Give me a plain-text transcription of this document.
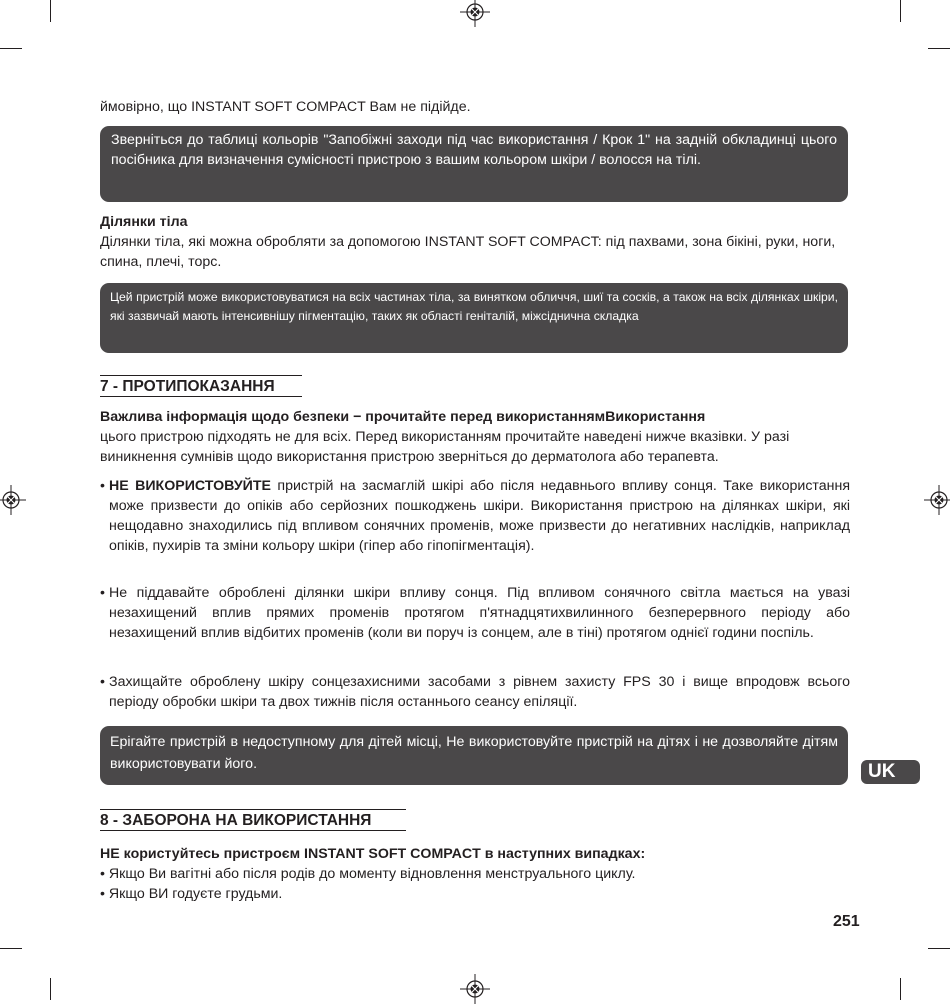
ймовірно, що INSTANT SOFT COMPACT Вам не підійде.
Зверніться до таблиці кольорів "Запобіжні заходи під час використання / Крок 1" на задній обкладинці цього посібника для визначення сумісності пристрою з вашим кольором шкіри / волосся на тілі.
Ділянки тіла
Ділянки тіла, які можна обробляти за допомогою INSTANT SOFT COMPACT: під пахвами, зона бікіні, руки, ноги, спина, плечі, торс.
Цей пристрій може використовуватися на всіх частинах тіла, за винятком обличчя, шиї та сосків, а також на всіх ділянках шкіри, які зазвичай мають інтенсивнішу пігментацію, таких як області геніталій, міжсіднична складка
7 - ПРОТИПОКАЗАННЯ
Важлива інформація щодо безпеки − прочитайте перед використаннямВикористання
цього пристрою підходять не для всіх. Перед використанням прочитайте наведені нижче вказівки. У разі виникнення сумнівів щодо використання пристрою зверніться до дерматолога або терапевта.
• НЕ ВИКОРИСТОВУЙТЕ пристрій на засмаглій шкірі або після недавнього впливу сонця. Таке використання може призвести до опіків або серйозних пошкоджень шкіри. Використання пристрою на ділянках шкіри, які нещодавно знаходились під впливом сонячних променів, може призвести до негативних наслідків, наприклад опіків, пухирів та зміни кольору шкіри (гіпер або гіпопігментація).
• Не піддавайте оброблені ділянки шкіри впливу сонця. Під впливом сонячного світла мається на увазі незахищений вплив прямих променів протягом п'ятнадцятихвилинного безперервного періоду або незахищений вплив відбитих променів (коли ви поруч із сонцем, але в тіні) протягом однієї години поспіль.
• Захищайте оброблену шкіру сонцезахисними засобами з рівнем захисту FPS 30 і вище впродовж всього періоду обробки шкіри та двох тижнів після останнього сеансу епіляції.
Ерігайте пристрій в недоступному для дітей місці, Не використовуйте пристрій на дітях і не дозволяйте дітям використовувати його.	UK
8 - ЗАБОРОНА НА ВИКОРИСТАННЯ
НЕ користуйтесь пристроєм INSTANT SOFT COMPACT в наступних випадках:
• Якщо Ви вагітні або після родів до моменту відновлення менструального циклу.
• Якщо ВИ годуєте грудьми.
251
